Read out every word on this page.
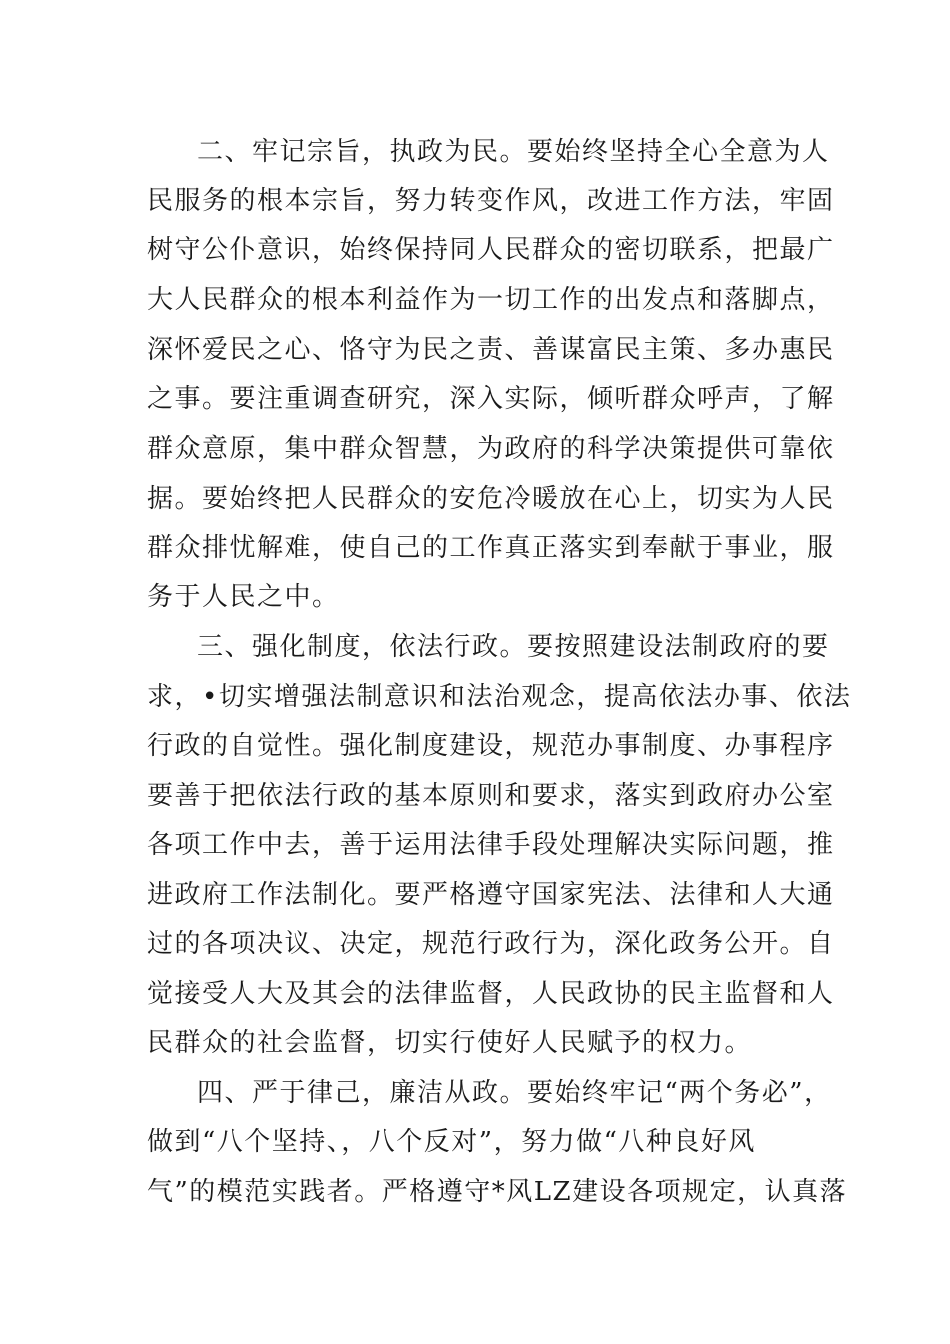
二、牢记宗旨，执政为民。要始终坚持全心全意为人
民服务的根本宗旨，努力转变作风，改进工作方法，牢固
树守公仆意识，始终保持同人民群众的密切联系，把最广
大人民群众的根本利益作为一切工作的出发点和落脚点，
深怀爱民之心、恪守为民之责、善谋富民主策、多办惠民
之事。要注重调查研究，深入实际，倾听群众呼声，了解
群众意原，集中群众智慧，为政府的科学决策提供可靠依
据。要始终把人民群众的安危冷暖放在心上，切实为人民
群众排忧解难，使自己的工作真正落实到奉献于事业，服
务于人民之中。
三、强化制度，依法行政。要按照建设法制政府的要
求，•切实增强法制意识和法治观念，提高依法办事、依法
行政的自觉性。强化制度建设，规范办事制度、办事程序
要善于把依法行政的基本原则和要求，落实到政府办公室
各项工作中去，善于运用法律手段处理解决实际问题，推
进政府工作法制化。要严格遵守国家宪法、法律和人大通
过的各项决议、决定，规范行政行为，深化政务公开。自
觉接受人大及其会的法律监督，人民政协的民主监督和人
民群众的社会监督，切实行使好人民赋予的权力。
四、严于律己，廉洁从政。要始终牢记“两个务必”，
做到“八个坚持、，八个反对”，努力做“八种良好风
气”的模范实践者。严格遵守*风LZ建设各项规定，认真落
